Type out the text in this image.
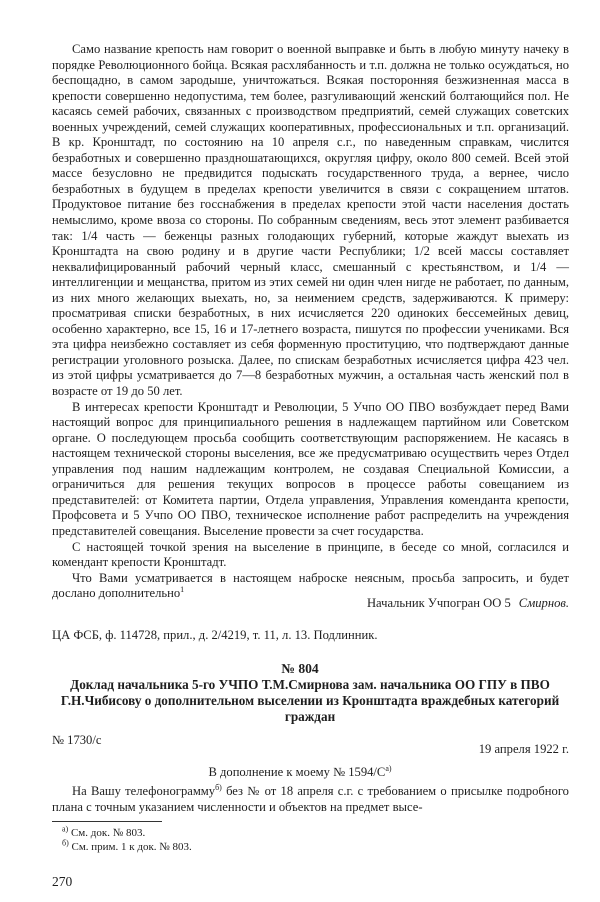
Само название крепость нам говорит о военной выправке и быть в любую минуту начеку в порядке Революционного бойца. Всякая расхлябанность и т.п. должна не только осуждаться, но беспощадно, в самом зародыше, уничтожаться. Всякая посторонняя безжизненная масса в крепости совершенно недопустима, тем более, разгуливающий женский болтающийся пол. Не касаясь семей рабочих, связанных с производством предприятий, семей служащих советских военных учреждений, семей служащих кооперативных, профессиональных и т.п. организаций. В кр. Кронштадт, по состоянию на 10 апреля с.г., по наведенным справкам, числится безработных и совершенно праздношатающихся, округляя цифру, около 800 семей. Всей этой массе безусловно не предвидится подыскать государственного труда, а вернее, число безработных в будущем в пределах крепости увеличится в связи с сокращением штатов. Продуктовое питание без госснабжения в пределах крепости этой части населения достать немыслимо, кроме ввоза со стороны. По собранным сведениям, весь этот элемент разбивается так: 1/4 часть — беженцы разных голодающих губерний, которые жаждут выехать из Кронштадта на свою родину и в другие части Республики; 1/2 всей массы составляет неквалифицированный рабочий черный класс, смешанный с крестьянством, и 1/4 — интеллигенции и мещанства, притом из этих семей ни один член нигде не работает, по данным, из них много желающих выехать, но, за неимением средств, задерживаются. К примеру: просматривая списки безработных, в них исчисляется 220 одиноких бессемейных девиц, особенно характерно, все 15, 16 и 17-летнего возраста, пишутся по профессии учениками. Вся эта цифра неизбежно составляет из себя форменную проституцию, что подтверждают данные регистрации уголовного розыска. Далее, по спискам безработных исчисляется цифра 423 чел. из этой цифры усматривается до 7—8 безработных мужчин, а остальная часть женский пол в возрасте от 19 до 50 лет.

В интересах крепости Кронштадт и Революции, 5 Учпо ОО ПВО возбуждает перед Вами настоящий вопрос для принципиального решения в надлежащем партийном или Советском органе. О последующем просьба сообщить соответствующим распоряжением. Не касаясь в настоящем технической стороны выселения, все же предусматриваю осуществить через Отдел управления под нашим надлежащим контролем, не создавая Специальной Комиссии, а ограничиться для решения текущих вопросов в процессе работы совещанием из представителей: от Комитета партии, Отдела управления, Управления коменданта крепости, Профсовета и 5 Учпо ОО ПВО, техническое исполнение работ распределить на учреждения представителей совещания. Выселение провести за счет государства.

С настоящей точкой зрения на выселение в принципе, в беседе со мной, согласился и комендант крепости Кронштадт.

Что Вами усматривается в настоящем наброске неясным, просьба запросить, и будет дослано дополнительно$^1$

Начальник Учпогран ОО 5 Смирнов.
ЦА ФСБ, ф. 114728, прил., д. 2/4219, т. 11, л. 13. Подлинник.
№ 804
Доклад начальника 5-го УЧПО Т.М.Смирнова зам. начальника ОО ГПУ в ПВО Г.Н.Чибисову о дополнительном выселении из Кронштадта враждебных категорий граждан
№ 1730/с
19 апреля 1922 г.
В дополнение к моему № $1594/С^{а)}$

На Вашу телефонограмму$^{б)}$ без № от 18 апреля с.г. с требованием о присылке подробного плана с точным указанием численности и объектов на предмет высе-

$^{а)}$ См. док. № 803.
$^{б)}$ См. прим. 1 к док. № 803.
270
